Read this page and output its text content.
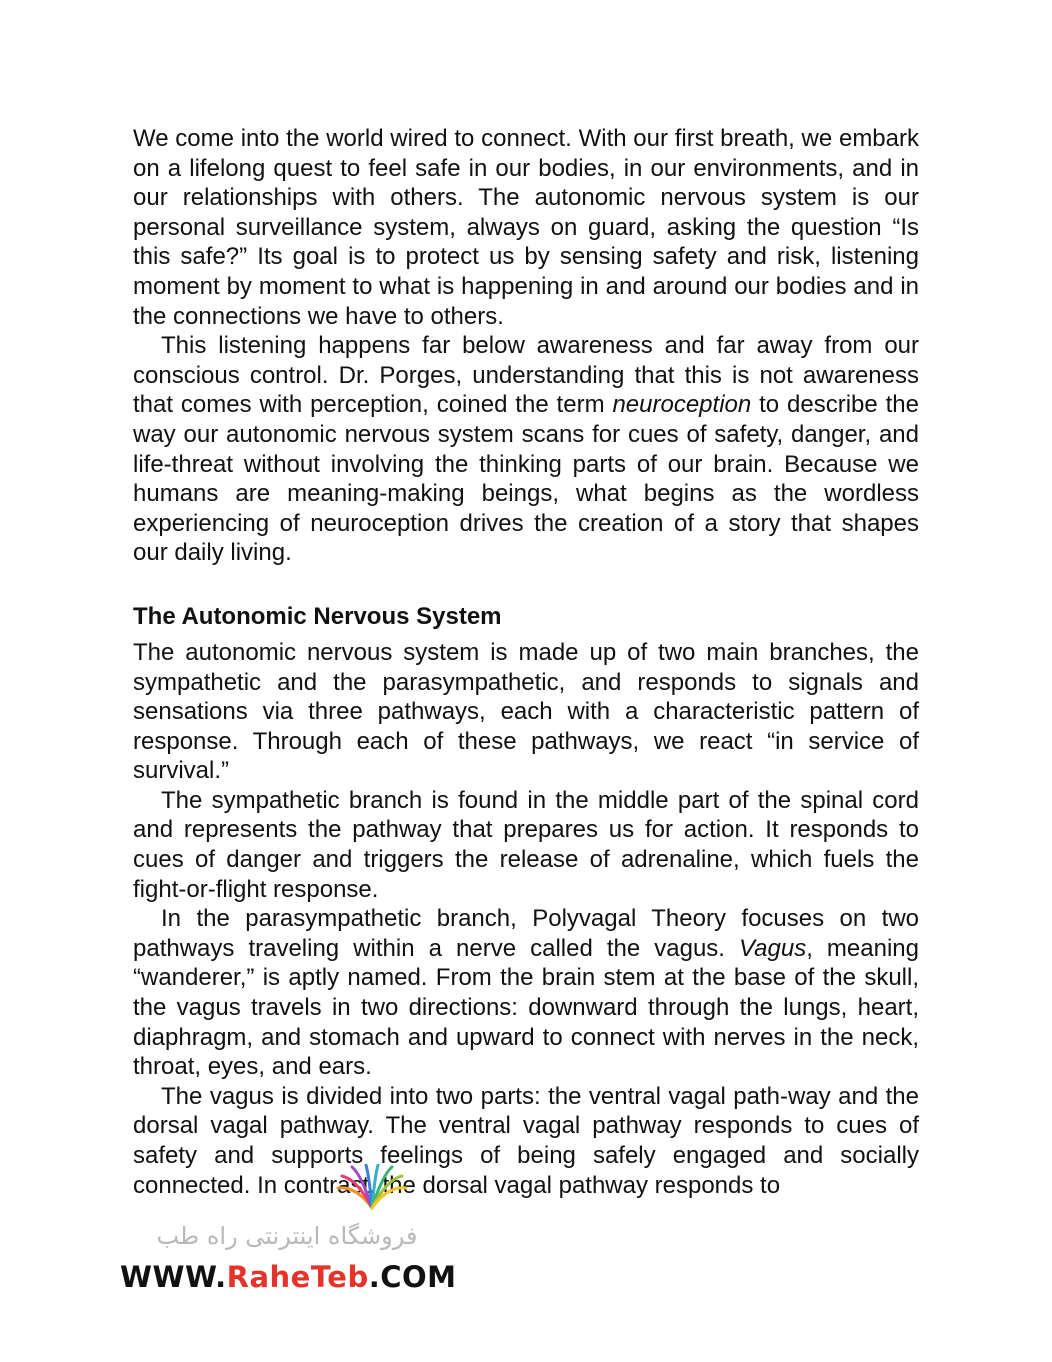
We come into the world wired to connect. With our first breath, we embark on a lifelong quest to feel safe in our bodies, in our environments, and in our relationships with others. The autonomic nervous system is our personal surveillance system, always on guard, asking the question “Is this safe?” Its goal is to protect us by sensing safety and risk, listening moment by moment to what is happening in and around our bodies and in the connections we have to others.

This listening happens far below awareness and far away from our conscious control. Dr. Porges, understanding that this is not awareness that comes with perception, coined the term neuroception to describe the way our autonomic nervous system scans for cues of safety, danger, and life-threat without involving the thinking parts of our brain. Because we humans are meaning-making beings, what begins as the wordless experiencing of neuroception drives the creation of a story that shapes our daily living.

The Autonomic Nervous System

The autonomic nervous system is made up of two main branches, the sympathetic and the parasympathetic, and responds to signals and sensations via three pathways, each with a characteristic pattern of response. Through each of these pathways, we react “in service of survival.”

The sympathetic branch is found in the middle part of the spinal cord and represents the pathway that prepares us for action. It responds to cues of danger and triggers the release of adrenaline, which fuels the fight-or-flight response.

In the parasympathetic branch, Polyvagal Theory focuses on two pathways traveling within a nerve called the vagus. Vagus, meaning “wanderer,” is aptly named. From the brain stem at the base of the skull, the vagus travels in two directions: downward through the lungs, heart, diaphragm, and stomach and upward to connect with nerves in the neck, throat, eyes, and ears.

The vagus is divided into two parts: the ventral vagal path-way and the dorsal vagal pathway. The ventral vagal pathway responds to cues of safety and supports feelings of being safely engaged and socially connected. In contrast, the dorsal vagal pathway responds to

فروشگاه اینترنتی راه طب
WWW.RaheTeb.COM
